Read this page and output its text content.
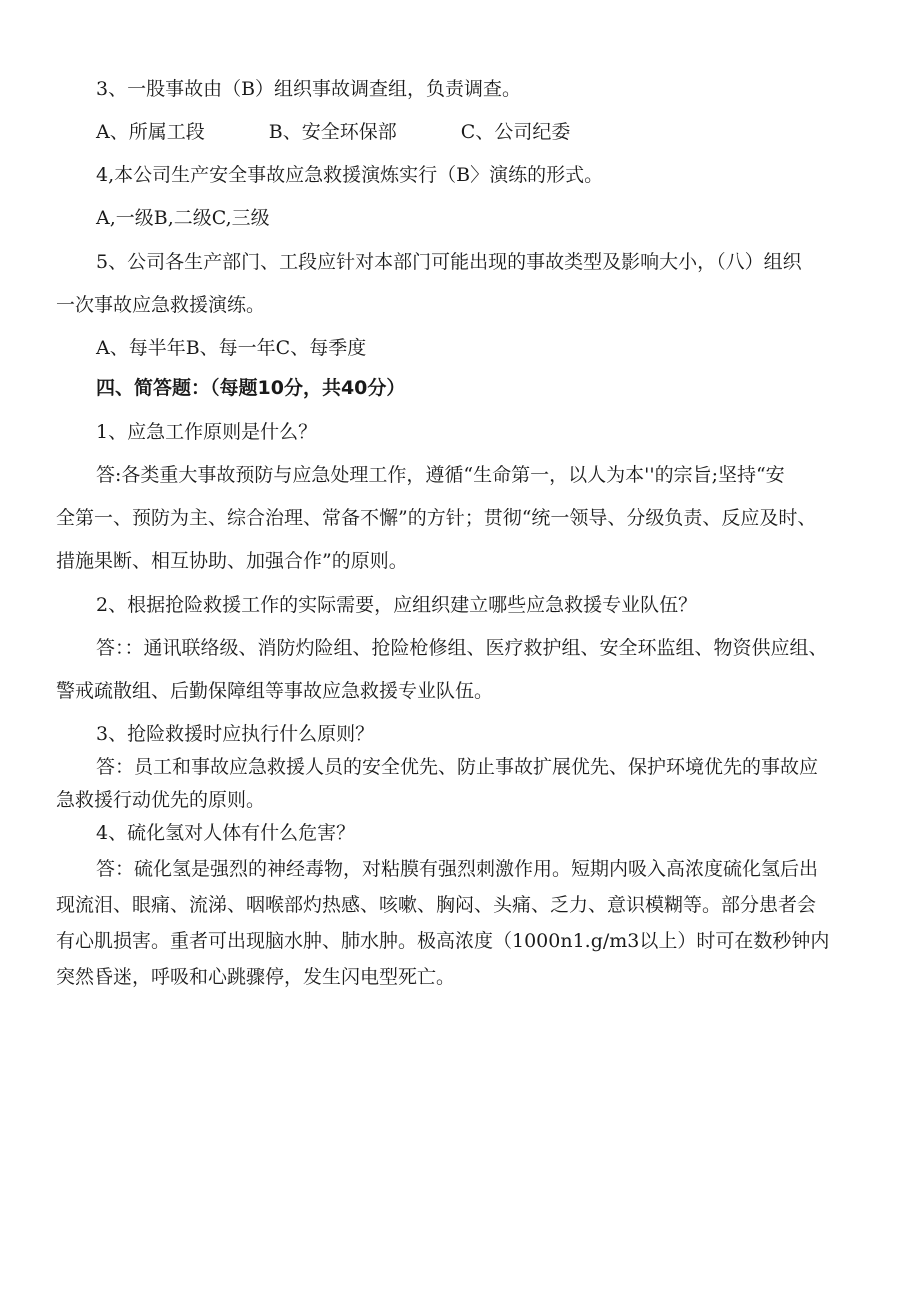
3、一股事故由（B）组织事故调查组，负责调查。
A、所属工段	B、安全环保部	C、公司纪委
4,本公司生产安全事故应急救援演炼实行（B〉演练的形式。
A,一级B,二级C,三级
5、公司各生产部门、工段应针对本部门可能出现的事故类型及影响大小，（八）组织
一次事故应急救援演练。
A、每半年B、每一年C、每季度
四、简答题：（每题10分，共40分）
1、应急工作原则是什么？
答:各类重大事故预防与应急处理工作，遵循“生命第一，以人为本''的宗旨;坚持“安
全第一、预防为主、综合治理、常备不懈”的方针；贯彻“统一领导、分级负责、反应及时、
措施果断、相互协助、加强合作”的原则。
2、根据抢险救援工作的实际需要，应组织建立哪些应急救援专业队伍？
答：：通讯联络级、消防灼险组、抢险枪修组、医疗救护组、安全环监组、物资供应组、
警戒疏散组、后勤保障组等事故应急救援专业队伍。
3、抢险救援时应执行什么原则？
答：员工和事故应急救援人员的安全优先、防止事故扩展优先、保护环境优先的事故应
急救援行动优先的原则。
4、硫化氢对人体有什么危害？
答：硫化氢是强烈的神经毒物，对粘膜有强烈刺激作用。短期内吸入高浓度硫化氢后出
现流泪、眼痛、流涕、咽喉部灼热感、咳嗽、胸闷、头痛、乏力、意识模糊等。部分患者会
有心肌损害。重者可出现脑水肿、肺水肿。极高浓度（1000n1.g/m3以上）时可在数秒钟内
突然昏迷，呼吸和心跳骤停，发生闪电型死亡。
